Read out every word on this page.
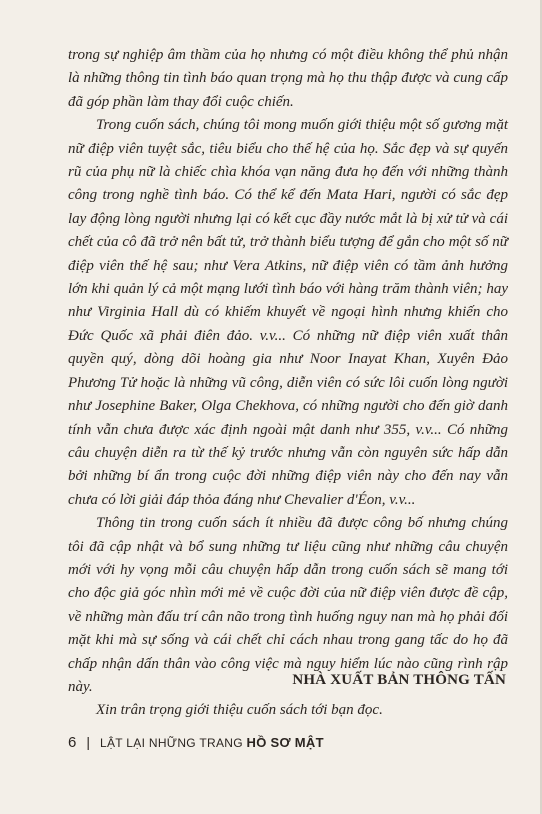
trong sự nghiệp âm thầm của họ nhưng có một điều không thể phủ nhận là những thông tin tình báo quan trọng mà họ thu thập được và cung cấp đã góp phần làm thay đổi cuộc chiến.

Trong cuốn sách, chúng tôi mong muốn giới thiệu một số gương mặt nữ điệp viên tuyệt sắc, tiêu biểu cho thế hệ của họ. Sắc đẹp và sự quyến rũ của phụ nữ là chiếc chìa khóa vạn năng đưa họ đến với những thành công trong nghề tình báo. Có thể kể đến Mata Hari, người có sắc đẹp lay động lòng người nhưng lại có kết cục đầy nước mắt là bị xử tử và cái chết của cô đã trở nên bất tử, trở thành biểu tượng để gắn cho một số nữ điệp viên thế hệ sau; như Vera Atkins, nữ điệp viên có tầm ảnh hưởng lớn khi quản lý cả một mạng lưới tình báo với hàng trăm thành viên; hay như Virginia Hall dù có khiếm khuyết về ngoại hình nhưng khiến cho Đức Quốc xã phải điên đảo. v.v... Có những nữ điệp viên xuất thân quyền quý, dòng dõi hoàng gia như Noor Inayat Khan, Xuyên Đảo Phương Tử hoặc là những vũ công, diễn viên có sức lôi cuốn lòng người như Josephine Baker, Olga Chekhova, có những người cho đến giờ danh tính vẫn chưa được xác định ngoài mật danh như 355, v.v... Có những câu chuyện diễn ra từ thế kỷ trước nhưng vẫn còn nguyên sức hấp dẫn bởi những bí ẩn trong cuộc đời những điệp viên này cho đến nay vẫn chưa có lời giải đáp thỏa đáng như Chevalier d'Éon, v.v...

Thông tin trong cuốn sách ít nhiều đã được công bố nhưng chúng tôi đã cập nhật và bổ sung những tư liệu cũng như những câu chuyện mới với hy vọng mỗi câu chuyện hấp dẫn trong cuốn sách sẽ mang tới cho độc giả góc nhìn mới mẻ về cuộc đời của nữ điệp viên được đề cập, về những màn đấu trí cân não trong tình huống nguy nan mà họ phải đối mặt khi mà sự sống và cái chết chỉ cách nhau trong gang tấc do họ đã chấp nhận dấn thân vào công việc mà nguy hiểm lúc nào cũng rình rập này.

Xin trân trọng giới thiệu cuốn sách tới bạn đọc.

NHÀ XUẤT BẢN THÔNG TẤN
6 | LẬT LẠI NHỮNG TRANG HỒ SƠ MẬT
